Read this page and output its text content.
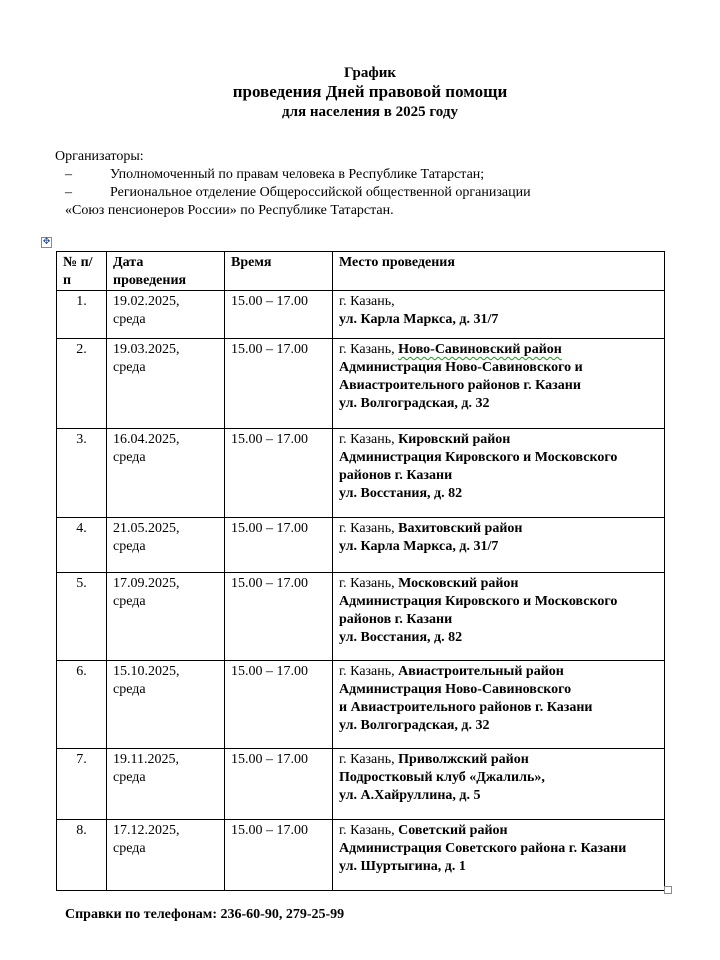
График
проведения Дней правовой помощи
для населения в 2025 году
Организаторы:
–	Уполномоченный по правам человека в Республике Татарстан;
–	Региональное отделение Общероссийской общественной организации
«Союз пенсионеров России» по Республике Татарстан.
✥
№ п/п	Дата проведения	Время	Место проведения
1.	19.02.2025,
среда	15.00 – 17.00	г. Казань,
ул. Карла Маркса, д. 31/7
2.	19.03.2025,
среда	15.00 – 17.00	г. Казань, Ново-Савиновский район
Администрация Ново-Савиновского и
Авиастроительного районов г. Казани
ул. Волгоградская, д. 32
3.	16.04.2025,
среда	15.00 – 17.00	г. Казань, Кировский район
Администрация Кировского и Московского
районов г. Казани
ул. Восстания, д. 82
4.	21.05.2025,
среда	15.00 – 17.00	г. Казань, Вахитовский район
ул. Карла Маркса, д. 31/7
5.	17.09.2025,
среда	15.00 – 17.00	г. Казань, Московский район
Администрация Кировского и Московского
районов г. Казани
ул. Восстания, д. 82
6.	15.10.2025,
среда	15.00 – 17.00	г. Казань, Авиастроительный район
Администрация Ново-Савиновского
и Авиастроительного районов г. Казани
ул. Волгоградская, д. 32
7.	19.11.2025,
среда	15.00 – 17.00	г. Казань, Приволжский район
Подростковый клуб «Джалиль»,
ул. А.Хайруллина, д. 5
8.	17.12.2025,
среда	15.00 – 17.00	г. Казань, Советский район
Администрация Советского района г. Казани
ул. Шуртыгина, д. 1
Справки по телефонам: 236-60-90, 279-25-99
